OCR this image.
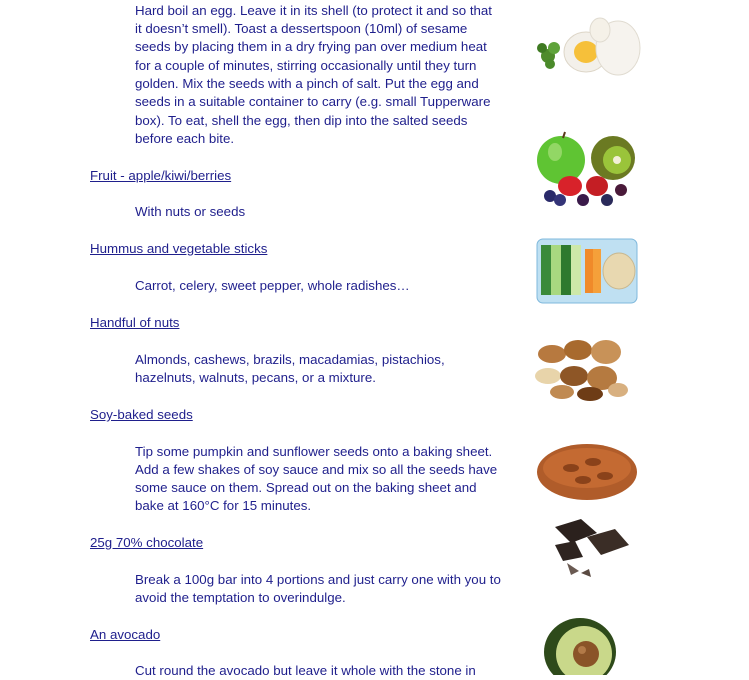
Hard boil an egg. Leave it in its shell (to protect it and so that
it doesn’t smell). Toast a dessertspoon (10ml) of sesame
seeds by placing them in a dry frying pan over medium heat
for a couple of minutes, stirring occasionally until they turn
golden. Mix the seeds with a pinch of salt. Put the egg and
seeds in a suitable container to carry (e.g. small Tupperware
box). To eat, shell the egg, then dip into the salted seeds
before each bite.
Fruit - apple/kiwi/berries
With nuts or seeds
Hummus and vegetable sticks
Carrot, celery, sweet pepper, whole radishes…
Handful of nuts
Almonds, cashews, brazils, macadamias, pistachios,
hazelnuts, walnuts, pecans, or a mixture.
Soy-baked seeds
Tip some pumpkin and sunflower seeds onto a baking sheet.
Add a few shakes of soy sauce and mix so all the seeds have
some sauce on them. Spread out on the baking sheet and
bake at 160°C for 15 minutes.
25g 70% chocolate
Break a 100g bar into 4 portions and just carry one with you to
avoid the temptation to overindulge.
An avocado
Cut round the avocado but leave it whole with the stone in
